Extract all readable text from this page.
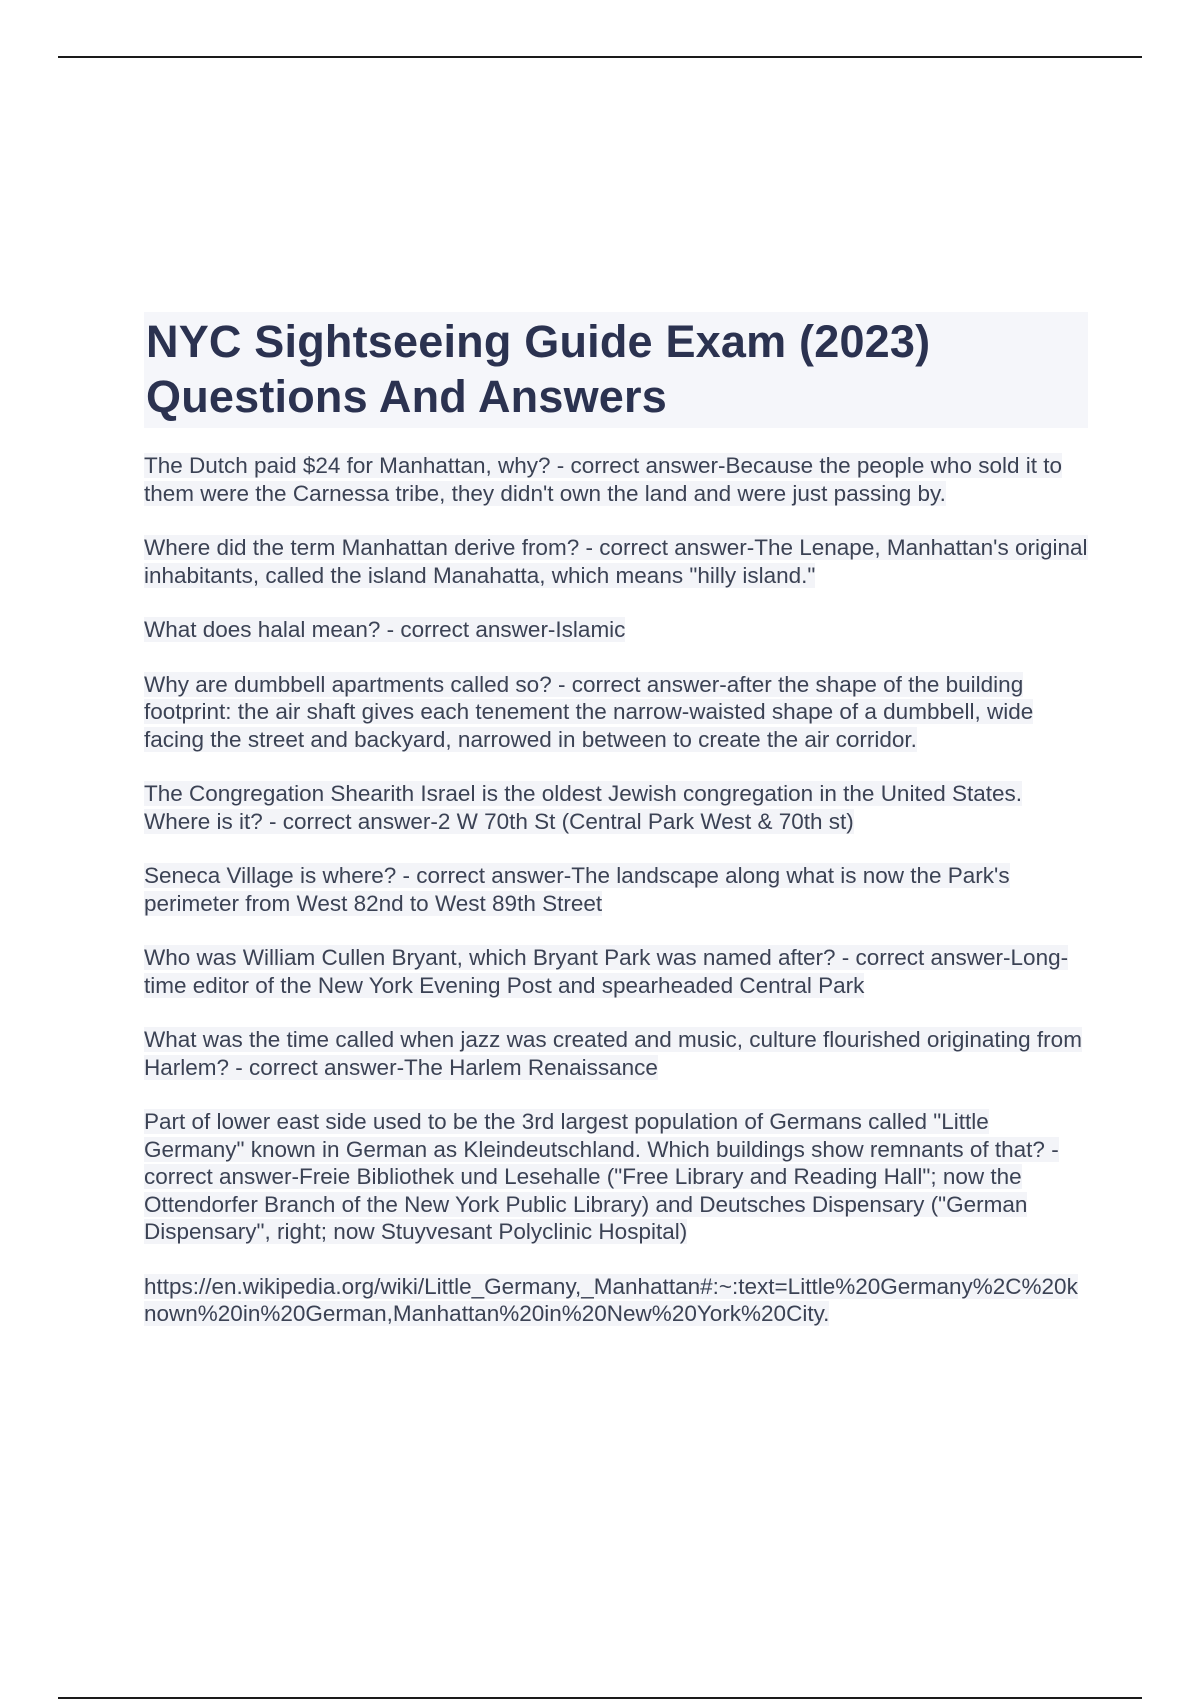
NYC Sightseeing Guide Exam (2023)
Questions And Answers

The Dutch paid $24 for Manhattan, why? - correct answer-Because the people who sold it to them were the Carnessa tribe, they didn't own the land and were just passing by.

Where did the term Manhattan derive from? - correct answer-The Lenape, Manhattan's original inhabitants, called the island Manahatta, which means "hilly island."

What does halal mean? - correct answer-Islamic

Why are dumbbell apartments called so? - correct answer-after the shape of the building footprint: the air shaft gives each tenement the narrow-waisted shape of a dumbbell, wide facing the street and backyard, narrowed in between to create the air corridor.

The Congregation Shearith Israel is the oldest Jewish congregation in the United States. Where is it? - correct answer-2 W 70th St (Central Park West & 70th st)

Seneca Village is where? - correct answer-The landscape along what is now the Park's perimeter from West 82nd to West 89th Street

Who was William Cullen Bryant, which Bryant Park was named after? - correct answer-Long-time editor of the New York Evening Post and spearheaded Central Park

What was the time called when jazz was created and music, culture flourished originating from Harlem? - correct answer-The Harlem Renaissance

Part of lower east side used to be the 3rd largest population of Germans called "Little Germany" known in German as Kleindeutschland. Which buildings show remnants of that? - correct answer-Freie Bibliothek und Lesehalle ("Free Library and Reading Hall"; now the Ottendorfer Branch of the New York Public Library) and Deutsches Dispensary ("German Dispensary", right; now Stuyvesant Polyclinic Hospital)

https://en.wikipedia.org/wiki/Little_Germany,_Manhattan#:~:text=Little%20Germany%2C%20known%20in%20German,Manhattan%20in%20New%20York%20City.
